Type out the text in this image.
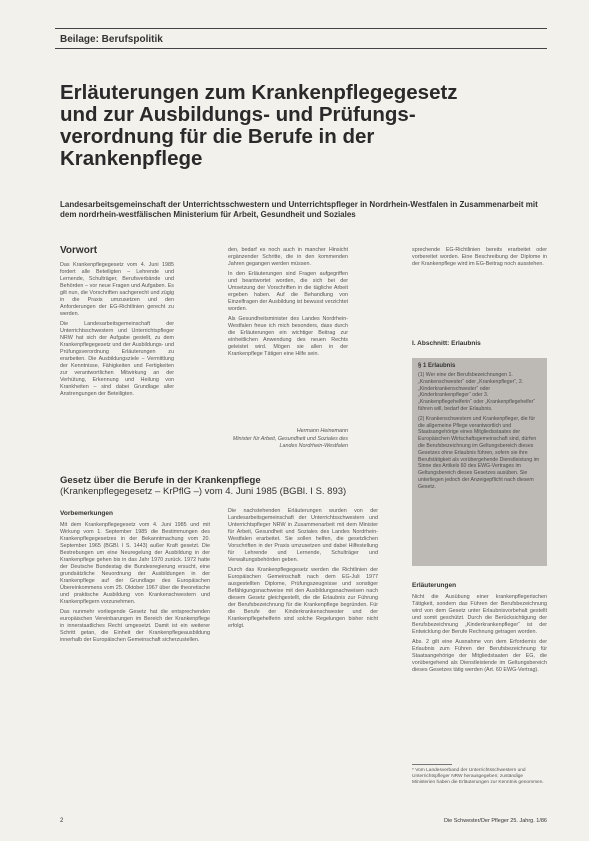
Beilage: Berufspolitik
Erläuterungen zum Krankenpflegegesetz
und zur Ausbildungs- und Prüfungs-
verordnung für die Berufe in der
Krankenpflege
Landesarbeitsgemeinschaft der Unterrichtsschwestern und Unterrichtspfleger in Nordrhein-Westfalen in Zusammenarbeit mit dem nordrhein-westfälischen Ministerium für Arbeit, Gesundheit und Soziales
Vorwort

Das Krankenpflegegesetz vom 4. Juni 1985 fordert alle Beteiligten – Lehrende und Lernende, Schulträger, Berufsverbände und Behörden – vor neue Fragen und Aufgaben. Es gilt nun, die Vorschriften sachgerecht und zügig in die Praxis umzusetzen und den Anforderungen der EG-Richtlinien gerecht zu werden.

Die Landesarbeitsgemeinschaft der Unterrichtsschwestern und Unterrichtspfleger NRW hat sich der Aufgabe gestellt, zu dem Krankenpflegegesetz und der Ausbildungs- und Prüfungsverordnung Erläuterungen zu erarbeiten. Die Ausbildungsziele – Vermittlung der Kenntnisse, Fähigkeiten und Fertigkeiten zur verantwortlichen Mitwirkung an der Verhütung, Erkennung und Heilung von Krankheiten – sind dabei Grundlage aller Anstrengungen der Beteiligten.

den, bedarf es noch auch in mancher Hinsicht ergänzender Schritte, die in den kommenden Jahren gegangen werden müssen.

In den Erläuterungen sind Fragen aufgegriffen und beantwortet worden, die sich bei der Umsetzung der Vorschriften in die tägliche Arbeit ergeben haben. Auf die Behandlung von Einzelfragen der Ausbildung ist bewusst verzichtet worden.

Als Gesundheitsminister des Landes Nordrhein-Westfalen freue ich mich besonders, dass durch die Erläuterungen ein wichtiger Beitrag zur einheitlichen Anwendung des neuen Rechts geleistet wird. Mögen sie allen in der Krankenpflege Tätigen eine Hilfe sein.

Hermann Heinemann
Minister für Arbeit, Gesundheit und Soziales des Landes Nordrhein-Westfalen

sprechende EG-Richtlinien bereits erarbeitet oder vorbereitet worden. Eine Beschreibung der Diplome in der Krankenpflege wird im EG-Beitrag noch ausstehen.

I. Abschnitt: Erlaubnis
§ 1 Erlaubnis

(1) Wer eine der Berufsbezeichnungen 1. „Krankenschwester“ oder „Krankenpfleger“, 2. „Kinderkrankenschwester“ oder „Kinderkrankenpfleger“ oder 3. „Krankenpflegehelferin“ oder „Krankenpflegehelfer“ führen will, bedarf der Erlaubnis.

(2) Krankenschwestern und Krankenpfleger, die für die allgemeine Pflege verantwortlich und Staatsangehörige eines Mitgliedsstaates der Europäischen Wirtschaftsgemeinschaft sind, dürfen die Berufsbezeichnung im Geltungsbereich dieses Gesetzes ohne Erlaubnis führen, sofern sie ihre Berufstätigkeit als vorübergehende Dienstleistung im Sinne des Artikels 60 des EWG-Vertrages im Geltungsbereich dieses Gesetzes ausüben. Sie unterliegen jedoch der Anzeigepflicht nach diesem Gesetz.

Gesetz über die Berufe in der Krankenpflege
(Krankenpflegegesetz – KrPflG –) vom 4. Juni 1985 (BGBl. I S. 893)
Vorbemerkungen

Mit dem Krankenpflegegesetz vom 4. Juni 1985 und mit Wirkung vom 1. September 1985 die Bestimmungen des Krankenpflegegesetzes in der Bekanntmachung vom 20. September 1965 (BGBl. I S. 1443) außer Kraft gesetzt. Die Bestrebungen um eine Neuregelung der Ausbildung in der Krankenpflege gehen bis in das Jahr 1970 zurück. 1972 hatte der Deutsche Bundestag die Bundesregierung ersucht, eine grundsätzliche Neuordnung der Ausbildungen in der Krankenpflege auf der Grundlage des Europäischen Übereinkommens vom 25. Oktober 1967 über die theoretische und praktische Ausbildung von Krankenschwestern und Krankenpflegern vorzunehmen.

Das nunmehr vorliegende Gesetz hat die entsprechenden europäischen Vereinbarungen im Bereich der Krankenpflege in innerstaatliches Recht umgesetzt. Damit ist ein weiterer Schritt getan, die Einheit der Krankenpflegeausbildung innerhalb der Europäischen Gemeinschaft sicherzustellen.

Die nachstehenden Erläuterungen wurden von der Landesarbeitsgemeinschaft der Unterrichtsschwestern und Unterrichtspfleger NRW in Zusammenarbeit mit dem Minister für Arbeit, Gesundheit und Soziales des Landes Nordrhein-Westfalen erarbeitet. Sie sollen helfen, die gesetzlichen Vorschriften in der Praxis umzusetzen und dabei Hilfestellung für Lehrende und Lernende, Schulträger und Verwaltungsbehörden geben.

Durch das Krankenpflegegesetz werden die Richtlinien der Europäischen Gemeinschaft nach dem EG-Juli 1977 ausgestellten Diplome, Prüfungszeugnisse und sonstiger Befähigungsnachweise mit den Ausbildungsnachweisen nach diesem Gesetz gleichgestellt, die die Erlaubnis zur Führung der Berufsbezeichnung für die Krankenpflege begründen. Für die Berufe der Kinderkrankenschwester und der Krankenpflegehelferin sind solche Regelungen bisher nicht erfolgt.

Erläuterungen

Nicht die Ausübung einer krankenpflegerischen Tätigkeit, sondern das Führen der Berufsbezeichnung wird von dem Gesetz unter Erlaubnisvorbehalt gestellt und somit geschützt. Durch die Berücksichtigung der Berufsbezeichnung „Kinderkrankenpfleger“ ist der Entwicklung der Berufe Rechnung getragen worden.

Abs. 2 gilt eine Ausnahme von dem Erfordernis der Erlaubnis zum Führen der Berufsbezeichnung für Staatsangehörige der Mitgliedstaaten der EG, die vorübergehend als Dienstleistende im Geltungsbereich dieses Gesetzes tätig werden (Art. 60 EWG-Vertrag).

* Vom Landesverband der Unterrichtsschwestern und Unterrichtspfleger NRW herausgegeben; zuständige Ministerien haben die Erläuterungen zur Kenntnis genommen.
2	Die Schwester/Der Pfleger 25. Jahrg. 1/86
